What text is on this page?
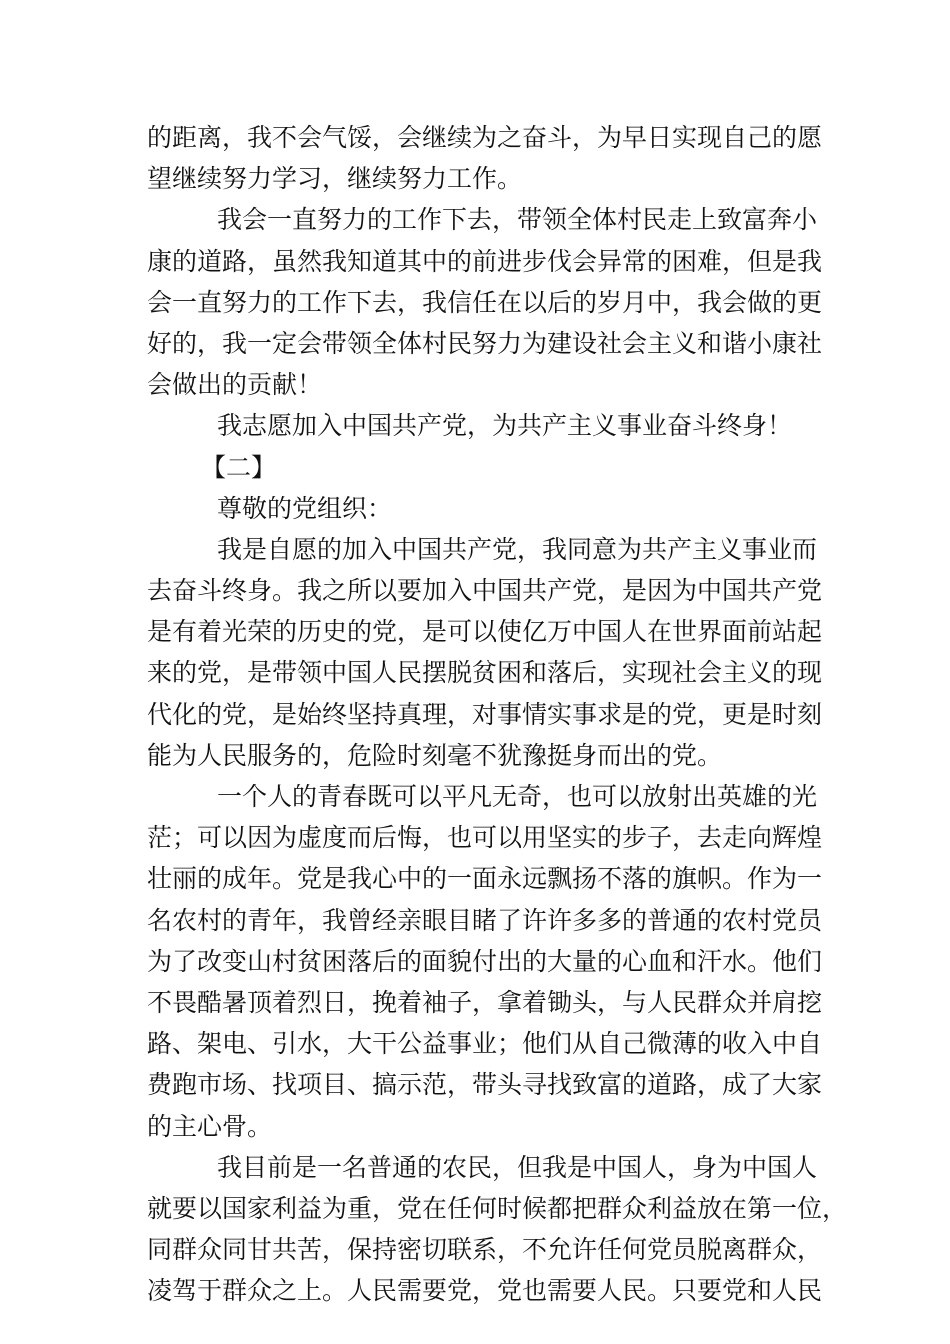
的距离，我不会气馁，会继续为之奋斗，为早日实现自己的愿
望继续努力学习，继续努力工作。
我会一直努力的工作下去，带领全体村民走上致富奔小
康的道路，虽然我知道其中的前进步伐会异常的困难，但是我
会一直努力的工作下去，我信任在以后的岁月中，我会做的更
好的，我一定会带领全体村民努力为建设社会主义和谐小康社
会做出的贡献！
我志愿加入中国共产党，为共产主义事业奋斗终身！
【二】
尊敬的党组织：
我是自愿的加入中国共产党，我同意为共产主义事业而
去奋斗终身。我之所以要加入中国共产党，是因为中国共产党
是有着光荣的历史的党，是可以使亿万中国人在世界面前站起
来的党，是带领中国人民摆脱贫困和落后，实现社会主义的现
代化的党，是始终坚持真理，对事情实事求是的党，更是时刻
能为人民服务的，危险时刻毫不犹豫挺身而出的党。
一个人的青春既可以平凡无奇，也可以放射出英雄的光
茫；可以因为虚度而后悔，也可以用坚实的步子，去走向辉煌
壮丽的成年。党是我心中的一面永远飘扬不落的旗帜。作为一
名农村的青年，我曾经亲眼目睹了许许多多的普通的农村党员
为了改变山村贫困落后的面貌付出的大量的心血和汗水。他们
不畏酷暑顶着烈日，挽着袖子，拿着锄头，与人民群众并肩挖
路、架电、引水，大干公益事业；他们从自己微薄的收入中自
费跑市场、找项目、搞示范，带头寻找致富的道路，成了大家
的主心骨。
我目前是一名普通的农民，但我是中国人，身为中国人
就要以国家利益为重，党在任何时候都把群众利益放在第一位，
同群众同甘共苦，保持密切联系，不允许任何党员脱离群众，
凌驾于群众之上。人民需要党，党也需要人民。只要党和人民
